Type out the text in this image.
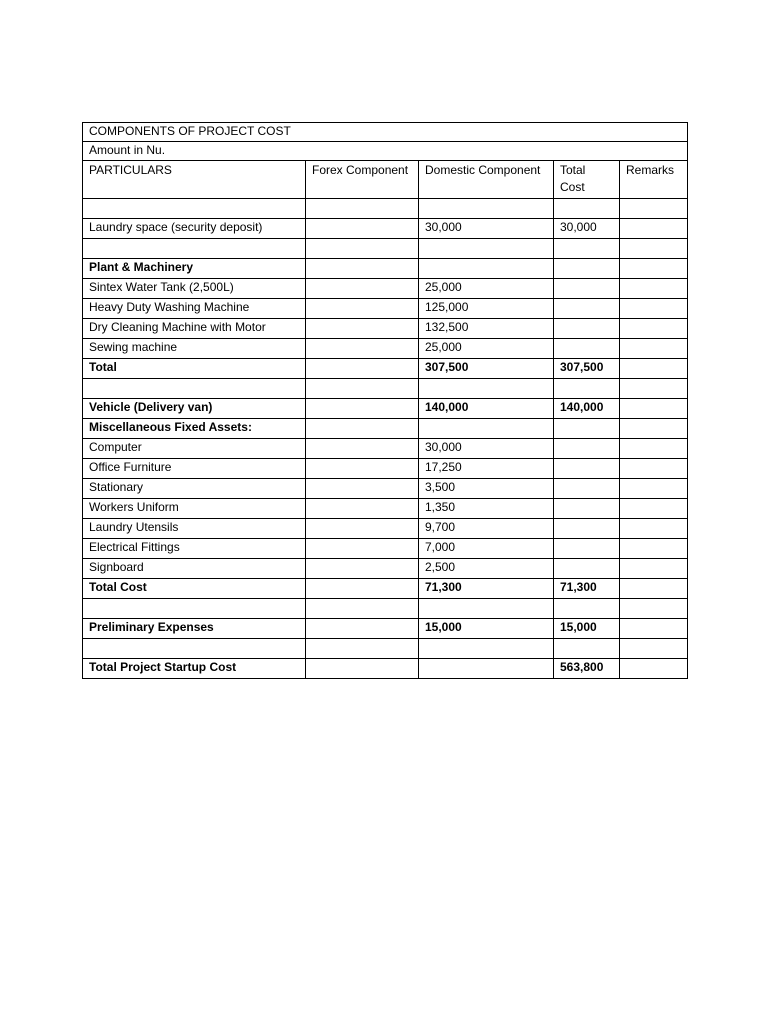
COMPONENTS OF PROJECT COST				
Amount in Nu.				
PARTICULARS	Forex Component	Domestic Component	Total Cost	Remarks

Laundry space (security deposit)		30,000	30,000	

Plant & Machinery				
Sintex Water Tank (2,500L)		25,000		
Heavy Duty Washing Machine		125,000		
Dry Cleaning Machine with Motor		132,500		
Sewing machine		25,000		
Total		307,500	307,500	

Vehicle (Delivery van)		140,000	140,000	
Miscellaneous Fixed Assets:				
Computer		30,000		
Office Furniture		17,250		
Stationary		3,500		
Workers Uniform		1,350		
Laundry Utensils		9,700		
Electrical Fittings		7,000		
Signboard		2,500		
Total Cost		71,300	71,300	

Preliminary Expenses		15,000	15,000	

Total Project Startup Cost			563,800	
